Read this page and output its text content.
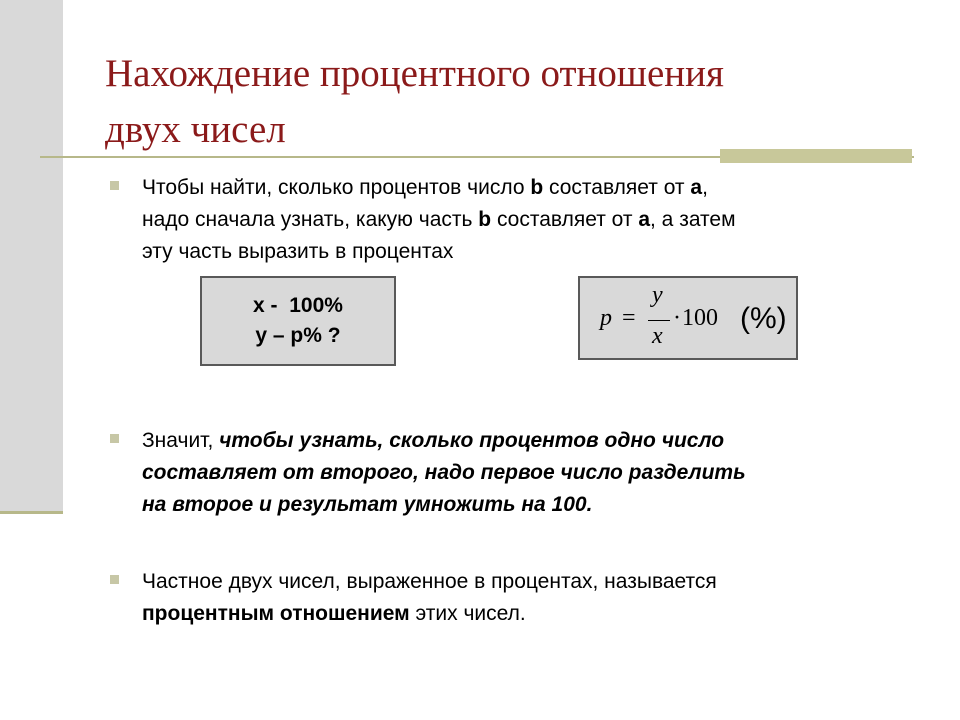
Нахождение процентного отношения
двух чисел
Чтобы найти, сколько процентов число b составляет от а,
надо сначала узнать, какую часть b составляет от а, а затем
эту часть выразить в процентах
x -  100%
y – p% ?
p =
y
x
· 100 (%)
Значит, чтобы узнать, сколько процентов одно число
составляет от второго, надо первое число разделить
на второе и результат умножить на 100.
Частное двух чисел, выраженное в процентах, называется
процентным отношением этих чисел.
